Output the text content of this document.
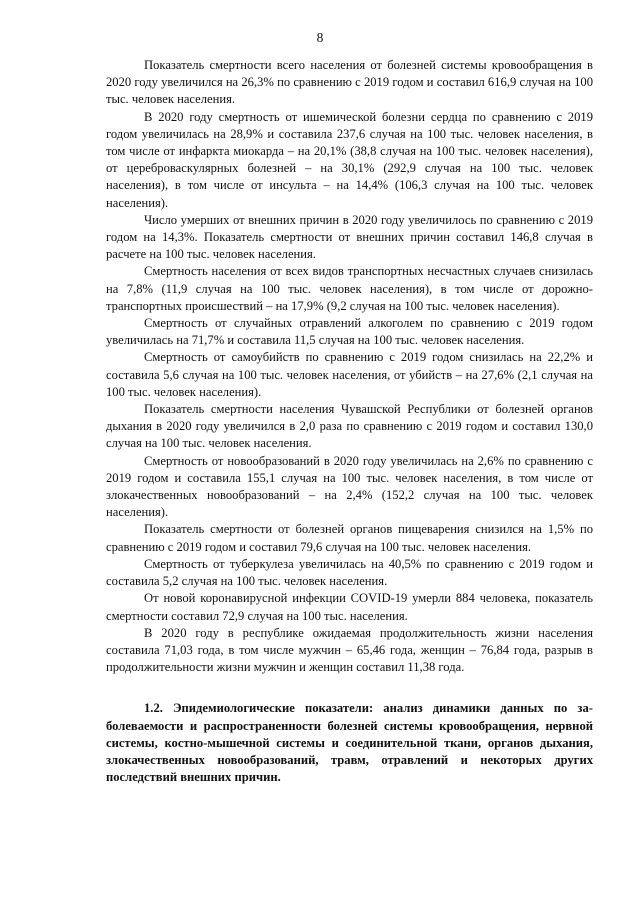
8

Показатель смертности всего населения от болезней системы кровообращения в 2020 году увеличился на 26,3% по сравнению с 2019 годом и составил 616,9 случая на 100 тыс. человек населения.

В 2020 году смертность от ишемической болезни сердца по сравнению с 2019 годом увеличилась на 28,9% и составила 237,6 случая на 100 тыс. человек населения, в том числе от инфаркта миокарда – на 20,1% (38,8 случая на 100 тыс. человек населения), от цереброваскулярных болезней – на 30,1% (292,9 случая на 100 тыс. человек населения), в том числе от инсульта – на 14,4% (106,3 случая на 100 тыс. человек населения).

Число умерших от внешних причин в 2020 году увеличилось по сравнению с 2019 годом на 14,3%. Показатель смертности от внешних причин составил 146,8 случая в расчете на 100 тыс. человек населения.

Смертность населения от всех видов транспортных несчастных случаев снизилась на 7,8% (11,9 случая на 100 тыс. человек населения), в том числе от дорожно-транспортных происшествий – на 17,9% (9,2 случая на 100 тыс. человек населения).

Смертность от случайных отравлений алкоголем по сравнению с 2019 годом увеличилась на 71,7% и составила 11,5 случая на 100 тыс. человек населения.

Смертность от самоубийств по сравнению с 2019 годом снизилась на 22,2% и составила 5,6 случая на 100 тыс. человек населения, от убийств – на 27,6% (2,1 случая на 100 тыс. человек населения).

Показатель смертности населения Чувашской Республики от болезней органов дыхания в 2020 году увеличился в 2,0 раза по сравнению с 2019 годом и составил 130,0 случая на 100 тыс. человек населения.

Смертность от новообразований в 2020 году увеличилась на 2,6% по сравнению с 2019 годом и составила 155,1 случая на 100 тыс. человек населения, в том числе от злокачественных новообразований – на 2,4% (152,2 случая на 100 тыс. человек населения).

Показатель смертности от болезней органов пищеварения снизился на 1,5% по сравнению с 2019 годом и составил 79,6 случая на 100 тыс. человек населения.

Смертность от туберкулеза увеличилась на 40,5% по сравнению с 2019 годом и составила 5,2 случая на 100 тыс. человек населения.

От новой коронавирусной инфекции COVID-19 умерли 884 человека, показатель смертности составил 72,9 случая на 100 тыс. населения.

В 2020 году в республике ожидаемая продолжительность жизни населения составила 71,03 года, в том числе мужчин – 65,46 года, женщин – 76,84 года, разрыв в продолжительности жизни мужчин и женщин составил 11,38 года.

1.2. Эпидемиологические показатели: анализ динамики данных по заболеваемости и распространенности болезней системы кровообращения, нервной системы, костно-мышечной системы и соединительной ткани, органов дыхания, злокачественных новообразований, травм, отравлений и некоторых других последствий внешних причин.
